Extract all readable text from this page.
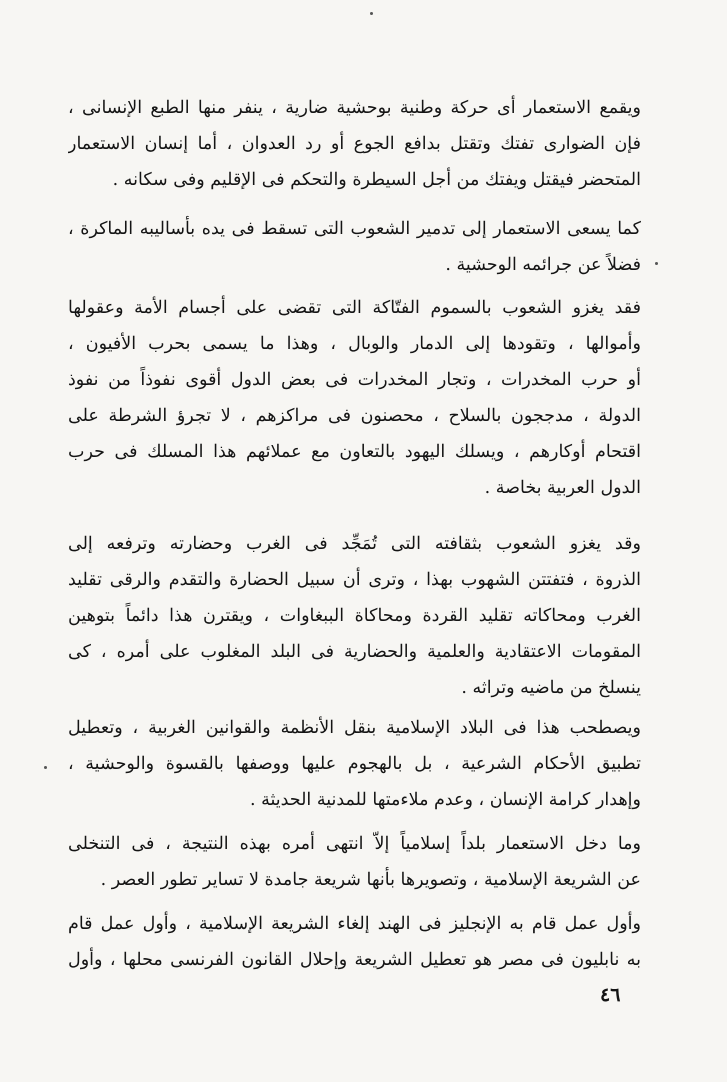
ويقمع الاستعمار أى حركة وطنية بوحشية ضارية ، ينفر منها الطبع الإنسانى ،
فإن الضوارى تفتك وتقتل بدافع الجوع أو رد العدوان ، أما إنسان الاستعمار
المتحضر فيقتل ويفتك من أجل السيطرة والتحكم فى الإقليم وفى سكانه .
كما يسعى الاستعمار إلى تدمير الشعوب التى تسقط فى يده بأساليبه الماكرة ،
فضلاً عن جرائمه الوحشية .
فقد يغزو الشعوب بالسموم الفتّاكة التى تقضى على أجسام الأمة وعقولها
وأموالها ، وتقودها إلى الدمار والوبال ، وهذا ما يسمى بحرب الأفيون ،
أو حرب المخدرات ، وتجار المخدرات فى بعض الدول أقوى نفوذاً من نفوذ
الدولة ، مدججون بالسلاح ، محصنون فى مراكزهم ، لا تجرؤ الشرطة على
اقتحام أوكارهم ، ويسلك اليهود بالتعاون مع عملائهم هذا المسلك فى حرب
الدول العربية بخاصة .
وقد يغزو الشعوب بثقافته التى تُمَجِّد فى الغرب وحضارته وترفعه إلى
الذروة ، فتفتتن الشهوب بهذا ، وترى أن سبيل الحضارة والتقدم والرقى تقليد
الغرب ومحاكاته تقليد القردة ومحاكاة الببغاوات ، ويقترن هذا دائماً بتوهين
المقومات الاعتقادية والعلمية والحضارية فى البلد المغلوب على أمره ، كى
ينسلخ من ماضيه وتراثه .
ويصطحب هذا فى البلاد الإسلامية بنقل الأنظمة والقوانين الغربية ، وتعطيل
تطبيق الأحكام الشرعية ، بل بالهجوم عليها ووصفها بالقسوة والوحشية ،
وإهدار كرامة الإنسان ، وعدم ملاءمتها للمدنية الحديثة .
وما دخل الاستعمار بلداً إسلامياً إلاّ انتهى أمره بهذه النتيجة ، فى التنخلى
عن الشريعة الإسلامية ، وتصويرها بأنها شريعة جامدة لا تساير تطور العصر .
وأول عمل قام به الإنجليز فى الهند إلغاء الشريعة الإسلامية ، وأول عمل قام
به نابليون فى مصر هو تعطيل الشريعة وإحلال القانون الفرنسى محلها ، وأول
٤٦
